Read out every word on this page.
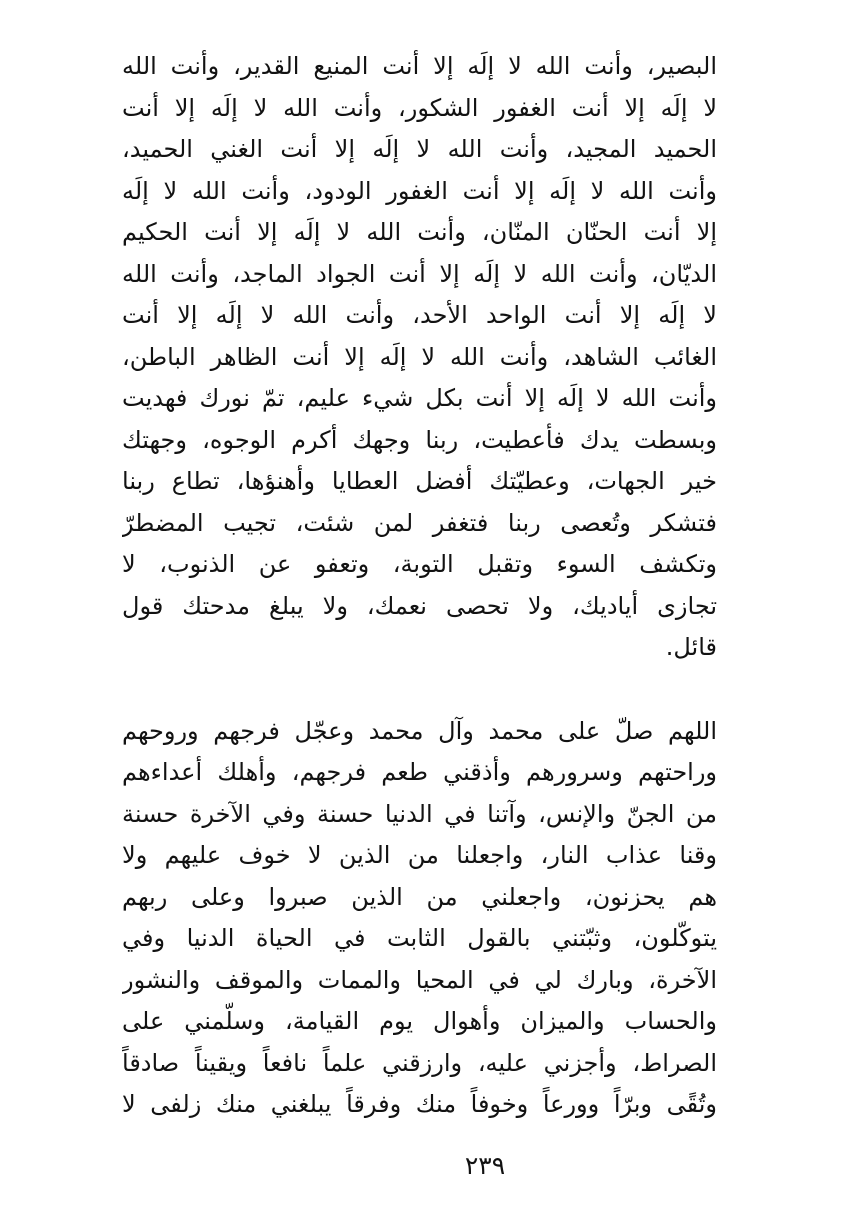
البصير، وأنت الله لا إلَه إلا أنت المنيع القدير، وأنت الله
لا إلَه إلا أنت الغفور الشكور، وأنت الله لا إلَه إلا أنت
الحميد المجيد، وأنت الله لا إلَه إلا أنت الغني الحميد،
وأنت الله لا إلَه إلا أنت الغفور الودود، وأنت الله لا إلَه
إلا أنت الحنّان المنّان، وأنت الله لا إلَه إلا أنت الحكيم
الديّان، وأنت الله لا إلَه إلا أنت الجواد الماجد، وأنت الله
لا إلَه إلا أنت الواحد الأحد، وأنت الله لا إلَه إلا أنت
الغائب الشاهد، وأنت الله لا إلَه إلا أنت الظاهر الباطن،
وأنت الله لا إلَه إلا أنت بكل شيء عليم، تمّ نورك فهديت
وبسطت يدك فأعطيت، ربنا وجهك أكرم الوجوه، وجهتك
خير الجهات، وعطيّتك أفضل العطايا وأهنؤها، تطاع ربنا
فتشكر وتُعصى ربنا فتغفر لمن شئت، تجيب المضطرّ
وتكشف السوء وتقبل التوبة، وتعفو عن الذنوب، لا
تجازى أياديك، ولا تحصى نعمك، ولا يبلغ مدحتك قول
قائل.
اللهم صلّ على محمد وآل محمد وعجّل فرجهم وروحهم
وراحتهم وسرورهم وأذقني طعم فرجهم، وأهلك أعداءهم
من الجنّ والإنس، وآتنا في الدنيا حسنة وفي الآخرة حسنة
وقنا عذاب النار، واجعلنا من الذين لا خوف عليهم ولا
هم يحزنون، واجعلني من الذين صبروا وعلى ربهم
يتوكّلون، وثبّتني بالقول الثابت في الحياة الدنيا وفي
الآخرة، وبارك لي في المحيا والممات والموقف والنشور
والحساب والميزان وأهوال يوم القيامة، وسلّمني على
الصراط، وأجزني عليه، وارزقني علماً نافعاً ويقيناً صادقاً
وتُقًى وبرّاً وورعاً وخوفاً منك وفرقاً يبلغني منك زلفى لا
٢٣٩
